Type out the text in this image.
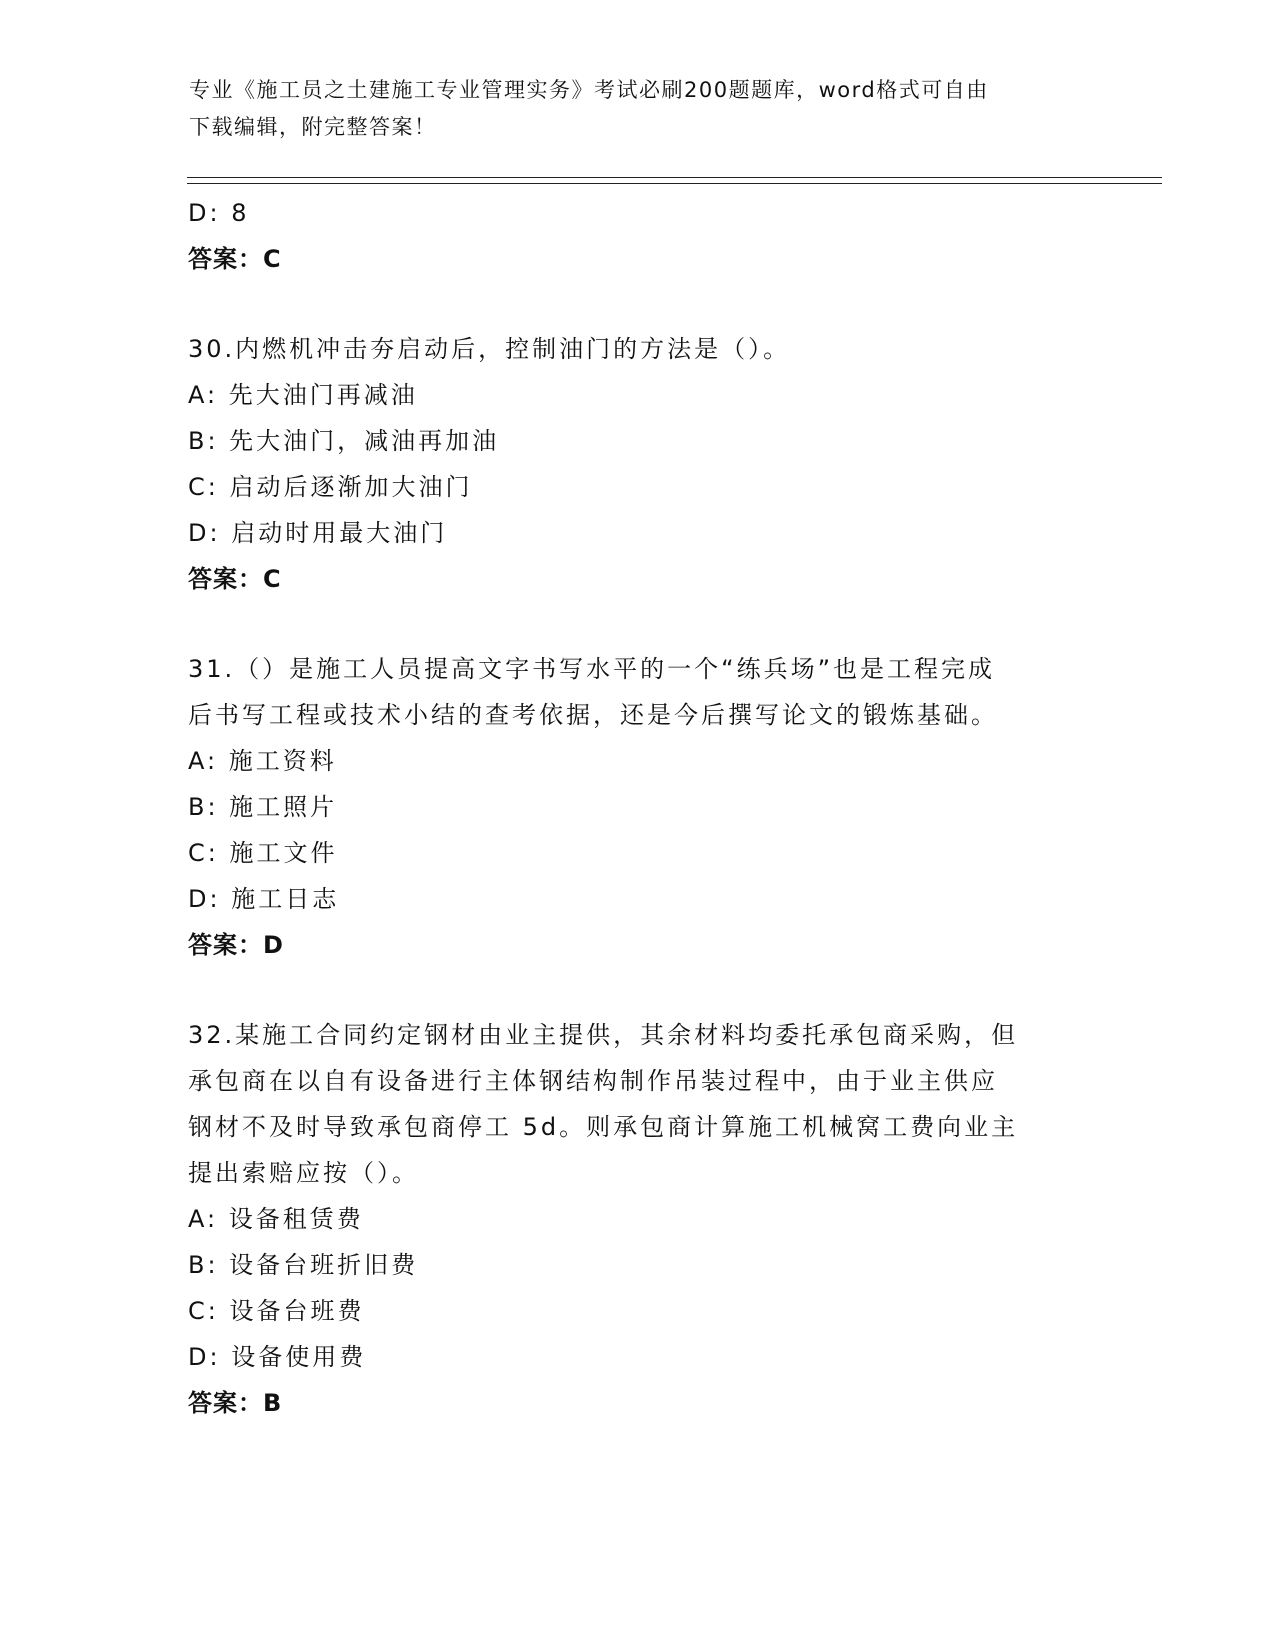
专业《施工员之土建施工专业管理实务》考试必刷200题题库，word格式可自由
下载编辑，附完整答案！
D: 8
答案：C
30.内燃机冲击夯启动后，控制油门的方法是（）。
A: 先大油门再减油
B: 先大油门，减油再加油
C: 启动后逐渐加大油门
D: 启动时用最大油门
答案：C
31.（）是施工人员提高文字书写水平的一个“练兵场”也是工程完成
后书写工程或技术小结的查考依据，还是今后撰写论文的锻炼基础。
A: 施工资料
B: 施工照片
C: 施工文件
D: 施工日志
答案：D
32.某施工合同约定钢材由业主提供，其余材料均委托承包商采购，但
承包商在以自有设备进行主体钢结构制作吊装过程中，由于业主供应
钢材不及时导致承包商停工 5d。则承包商计算施工机械窝工费向业主
提出索赔应按（）。
A: 设备租赁费
B: 设备台班折旧费
C: 设备台班费
D: 设备使用费
答案：B
